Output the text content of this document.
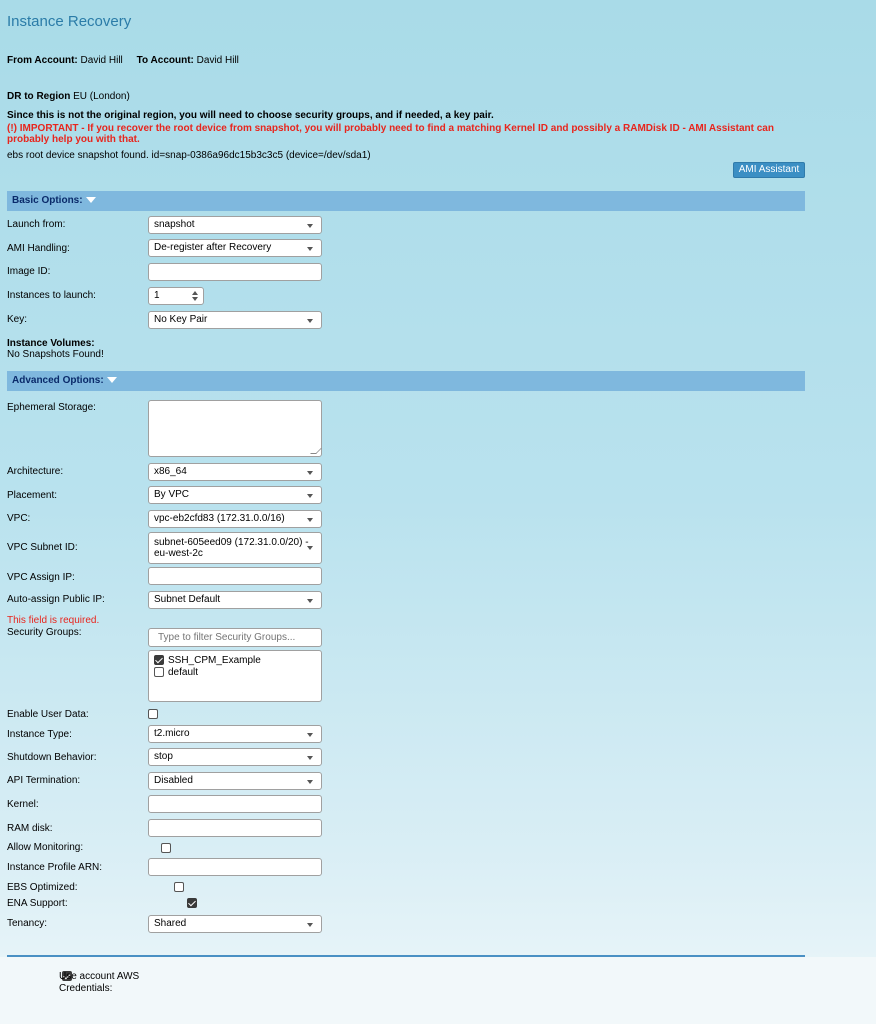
Instance Recovery
From Account: David Hill To Account: David Hill
DR to Region EU (London)
Since this is not the original region, you will need to choose security groups, and if needed, a key pair.
(!) IMPORTANT - If you recover the root device from snapshot, you will probably need to find a matching Kernel ID and possibly a RAMDisk ID - AMI Assistant can probably help you with that.
ebs root device snapshot found. id=snap-0386a96dc15b3c3c5 (device=/dev/sda1)
AMI Assistant
Basic Options:
Launch from:	snapshot
AMI Handling:	De-register after Recovery
Image ID:
Instances to launch:	1
Key:	No Key Pair
Instance Volumes:
No Snapshots Found!
Advanced Options:
Ephemeral Storage:
Architecture:	x86_64
Placement:	By VPC
VPC:	vpc-eb2cfd83 (172.31.0.0/16)
VPC Subnet ID:	subnet-605eed09 (172.31.0.0/20) -
eu-west-2c
VPC Assign IP:
Auto-assign Public IP:	Subnet Default
This field is required.
Security Groups:
Type to filter Security Groups...
SSH_CPM_Example
default
Enable User Data:

Instance Type:	t2.micro
Shutdown Behavior:	stop
API Termination:	Disabled
Kernel:
RAM disk:
Allow Monitoring:

Instance Profile ARN:
EBS Optimized:

ENA Support:

Tenancy:	Shared
Use account AWS Credentials:
